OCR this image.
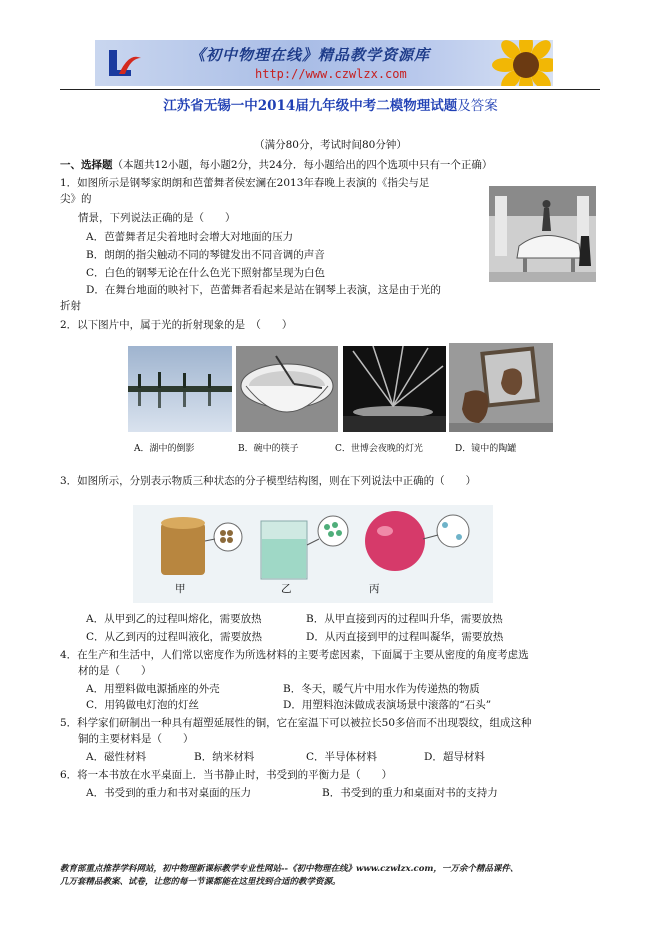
《初中物理在线》精品教学资源库
http://www.czwlzx.com
江苏省无锡一中2014届九年级中考二模物理试题及答案
（满分80分，考试时间80分钟）
一、选择题（本题共12小题，每小题2分，共24分．每小题给出的四个选项中只有一个正确）
1．如图所示是钢琴家朗朗和芭蕾舞者侯宏澜在2013年春晚上表演的《指尖与足
尖》的
情景，下列说法正确的是（　　）
A．芭蕾舞者足尖着地时会增大对地面的压力
B．朗朗的指尖触动不同的琴键发出不同音调的声音
C．白色的钢琴无论在什么色光下照射都呈现为白色
D．在舞台地面的映衬下，芭蕾舞者看起来是站在钢琴上表演，这是由于光的
折射
2．以下图片中，属于光的折射现象的是　（　　）
A．湖中的倒影	B．碗中的筷子	C．世博会夜晚的灯光	D．镜中的陶罐
3．如图所示，分别表示物质三种状态的分子模型结构图，则在下列说法中正确的（　　）
甲	乙	丙
A．从甲到乙的过程叫熔化，需要放热	B．从甲直接到丙的过程叫升华，需要放热
C．从乙到丙的过程叫液化，需要放热	D．从丙直接到甲的过程叫凝华，需要放热
4．在生产和生活中，人们常以密度作为所选材料的主要考虑因素，下面属于主要从密度的角度考虑选
材的是（　　）
A．用塑料做电源插座的外壳	B．冬天，暖气片中用水作为传递热的物质
C．用钨做电灯泡的灯丝	D．用塑料泡沫做成表演场景中滚落的“石头”
5．科学家们研制出一种具有超塑延展性的铜，它在室温下可以被拉长50多倍而不出现裂纹，组成这种
铜的主要材料是（　　）
A．磁性材料	B．纳米材料	C．半导体材料	D．超导材料
6．将一本书放在水平桌面上．当书静止时，书受到的平衡力是（　　）
A．书受到的重力和书对桌面的压力	B．书受到的重力和桌面对书的支持力
教育部重点推荐学科网站，初中物理新课标教学专业性网站--《初中物理在线》www.czwlzx.com，一万余个精品课件、
几万套精品教案、试卷，让您的每一节课都能在这里找到合适的教学资源。
